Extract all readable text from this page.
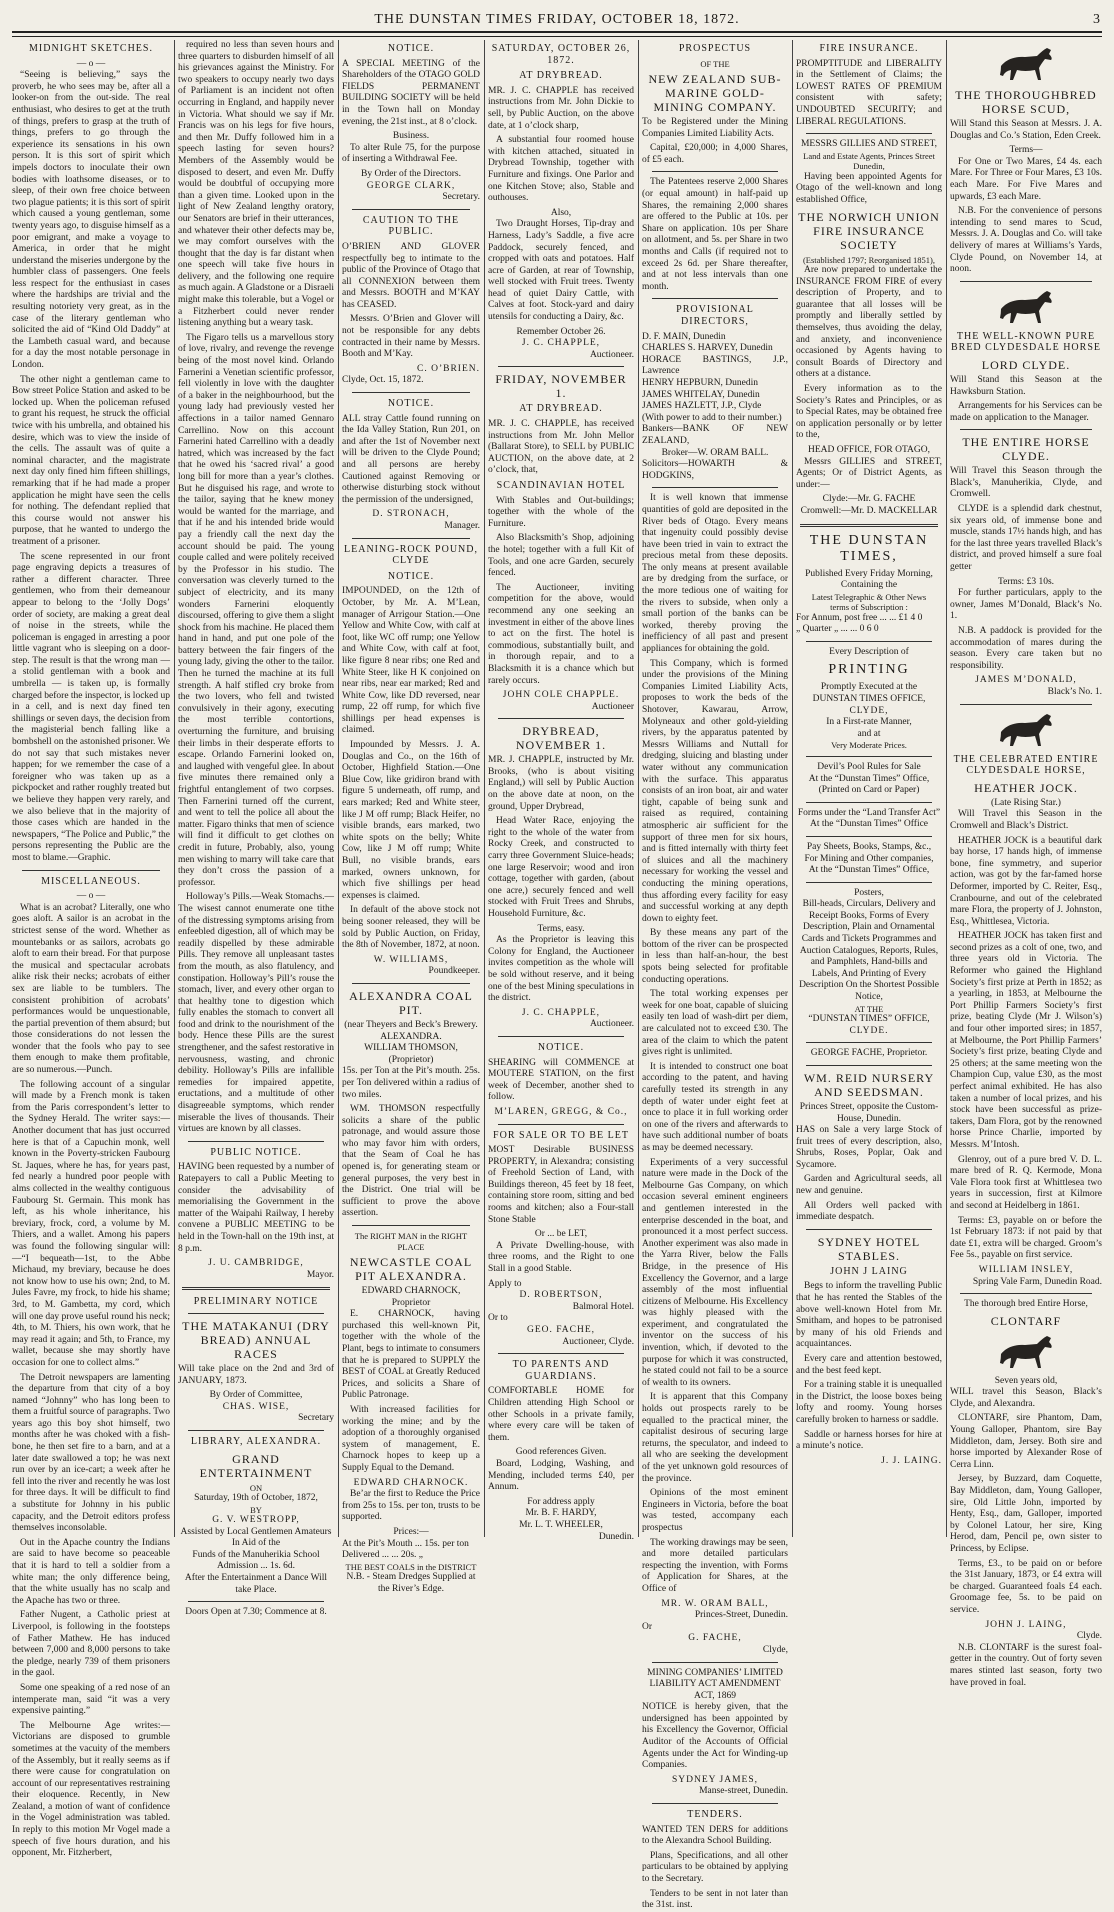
THE DUNSTAN TIMES FRIDAY, OCTOBER 18, 1872.	3
MIDNIGHT SKETCHES.
— o —

“Seeing is believing,” says the proverb, he who sees may be, after all a looker-on from the out-side. The real enthusiast, who desires to get at the truth of things, prefers to grasp at the truth of things, prefers to go through the experience its sensations in his own person. It is this sort of spirit which impels doctors to inoculate their own bodies with loathsome diseases, or to sleep, of their own free choice between two plague patients; it is this sort of spirit which caused a young gentleman, some twenty years ago, to disguise himself as a poor emigrant, and make a voyage to America, in order that he might understand the miseries undergone by the humbler class of passengers. One feels less respect for the enthusiast in cases where the hardships are trivial and the resulting notoriety very great, as in the case of the literary gentleman who solicited the aid of “Kind Old Daddy” at the Lambeth casual ward, and because for a day the most notable personage in London.

The other night a gentleman came to Bow street Police Station and asked to be locked up. When the policeman refused to grant his request, he struck the official twice with his umbrella, and obtained his desire, which was to view the inside of the cells. The assault was of quite a nominal character, and the magistrate next day only fined him fifteen shillings, remarking that if he had made a proper application he might have seen the cells for nothing. The defendant replied that this course would not answer his purpose, that he wanted to undergo the treatment of a prisoner.

The scene represented in our front page engraving depicts a treasures of rather a different character. Three gentlemen, who from their demeanour appear to belong to the ‘Jolly Dogs’ order of society, are making a great deal of noise in the streets, while the policeman is engaged in arresting a poor little vagrant who is sleeping on a door-step. The result is that the wrong man — a stolid gentleman with a book and umbrella — is taken up, is formally charged before the inspector, is locked up in a cell, and is next day fined ten shillings or seven days, the decision from the magisterial bench falling like a bombshell on the astonished prisoner. We do not say that such mistakes never happen; for we remember the case of a foreigner who was taken up as a pickpocket and rather roughly treated but we believe they happen very rarely, and we also believe that in the majority of those cases which are handed in the newspapers, “The Police and Public,” the persons representing the Public are the most to blame.—Graphic.

MISCELLANEOUS.
— o —

What is an acrobat? Literally, one who goes aloft. A sailor is an acrobat in the strictest sense of the word. Whether as mountebanks or as sailors, acrobats go aloft to earn their bread. For that purpose the musical and spectacular acrobats alike risk their necks; acrobats of either sex are liable to be tumblers. The consistent prohibition of acrobats’ performances would be unquestionable, the partial prevention of them absurd; but those considerations do not lessen the wonder that the fools who pay to see them enough to make them profitable, are so numerous.—Punch.

The following account of a singular will made by a French monk is taken from the Paris correspondent’s letter to the Sydney Herald. The writer says:—Another document that has just occurred here is that of a Capuchin monk, well known in the Poverty-stricken Faubourg St. Jaques, where he has, for years past, fed nearly a hundred poor people with alms collected in the wealthy contiguous Faubourg St. Germain. This monk has left, as his whole inheritance, his breviary, frock, cord, a volume by M. Thiers, and a wallet. Among his papers was found the following singular will:—“I bequeath—1st, to the Abbe Michaud, my breviary, because he does not know how to use his own; 2nd, to M. Jules Favre, my frock, to hide his shame; 3rd, to M. Gambetta, my cord, which will one day prove useful round his neck; 4th, to M. Thiers, his own work, that he may read it again; and 5th, to France, my wallet, because she may shortly have occasion for one to collect alms.”

The Detroit newspapers are lamenting the departure from that city of a boy named “Johnny” who has long been to them a fruitful source of paragraphs. Two years ago this boy shot himself, two months after he was choked with a fish-bone, he then set fire to a barn, and at a later date swallowed a top; he was next run over by an ice-cart; a week after he fell into the river and recently he was lost for three days. It will be difficult to find a substitute for Johnny in his public capacity, and the Detroit editors profess themselves inconsolable.

Out in the Apache country the Indians are said to have become so peaceable that it is hard to tell a soldier from a white man; the only difference being, that the white usually has no scalp and the Apache has two or three.

Father Nugent, a Catholic priest at Liverpool, is following in the footsteps of Father Mathew. He has induced between 7,000 and 8,000 persons to take the pledge, nearly 739 of them prisoners in the gaol.

Some one speaking of a red nose of an intemperate man, said “it was a very expensive painting.”

The Melbourne Age writes:—Victorians are disposed to grumble sometimes at the vacuity of the members of the Assembly, but it really seems as if there were cause for congratulation on account of our representatives restraining their eloquence. Recently, in New Zealand, a motion of want of confidence in the Vogel administration was tabled. In reply to this motion Mr Vogel made a speech of five hours duration, and his opponent, Mr. Fitzherbert,

required no less than seven hours and three quarters to disburden himself of all his grievances against the Ministry. For two speakers to occupy nearly two days of Parliament is an incident not often occurring in England, and happily never in Victoria. What should we say if Mr. Francis was on his legs for five hours, and then Mr. Duffy followed him in a speech lasting for seven hours? Members of the Assembly would be disposed to desert, and even Mr. Duffy would be doubtful of occupying more than a given time. Looked upon in the light of New Zealand lengthy oratory, our Senators are brief in their utterances, and whatever their other defects may be, we may comfort ourselves with the thought that the day is far distant when one speech will take five hours in delivery, and the following one require as much again. A Gladstone or a Disraeli might make this tolerable, but a Vogel or a Fitzherbert could never render listening anything but a weary task.

The Figaro tells us a marvellous story of love, rivalry, and revenge the revenge being of the most novel kind. Orlando Farnerini a Venetian scientific professor, fell violently in love with the daughter of a baker in the neighbourhood, but the young lady had previously vested her affections in a tailor named Gennaro Carrellino. Now on this account Farnerini hated Carrellino with a deadly hatred, which was increased by the fact that he owed his ‘sacred rival’ a good long bill for more than a year’s clothes. But he disguised his rage, and wrote to the tailor, saying that he knew money would be wanted for the marriage, and that if he and his intended bride would pay a friendly call the next day the account should be paid. The young couple called and were politely received by the Professor in his studio. The conversation was cleverly turned to the subject of electricity, and its many wonders Farnerini eloquently discoursed, offering to give them a slight shock from his machine. He placed them hand in hand, and put one pole of the battery between the fair fingers of the young lady, giving the other to the tailor. Then he turned the machine at its full strength. A half stifled cry broke from the two lovers, who fell and twisted convulsively in their agony, executing the most terrible contortions, overturning the furniture, and bruising their limbs in their desperate efforts to escape. Orlando Farnerini looked on, and laughed with vengeful glee. In about five minutes there remained only a frightful entanglement of two corpses. Then Farnerini turned off the current, and went to tell the police all about the matter. Figaro thinks that men of science will find it difficult to get clothes on credit in future, Probably, also, young men wishing to marry will take care that they don’t cross the passion of a professor.

Holloway’s Pills.—Weak Stomachs.—The wisest cannot enumerate one tithe of the distressing symptoms arising from enfeebled digestion, all of which may be readily dispelled by these admirable Pills. They remove all unpleasant tastes from the mouth, as also flatulency, and constipation. Holloway’s Pill’s rouse the stomach, liver, and every other organ to that healthy tone to digestion which fully enables the stomach to convert all food and drink to the nourishment of the body. Hence these Pills are the surest strengthener, and the safest restorative in nervousness, wasting, and chronic debility. Holloway’s Pills are infallible remedies for impaired appetite, eructations, and a multitude of other disagreeable symptoms, which render miserable the lives of thousands. Their virtues are known by all classes.

PUBLIC NOTICE.

HAVING been requested by a number of Ratepayers to call a Public Meeting to consider the advisability of memorialising the Government in the matter of the Waipahi Railway, I hereby convene a PUBLIC MEETING to be held in the Town-hall on the 19th inst, at 8 p.m.

J. U. CAMBRIDGE,
Mayor.
PRELIMINARY NOTICE
THE MATAKANUI (DRY BREAD) ANNUAL RACES

Will take place on the 2nd and 3rd of JANUARY, 1873.

By Order of Committee,
CHAS. WISE,
Secretary
LIBRARY, ALEXANDRA.
GRAND ENTERTAINMENT
ON
Saturday, 19th of October, 1872,
BY
G. V. WESTROPP,
Assisted by Local Gentlemen Amateurs
In Aid of the
Funds of the Manuherikia School
Admission ... 1s. 6d.
After the Entertainment a Dance Will take Place.
Doors Open at 7.30; Commence at 8.
NOTICE.

A SPECIAL MEETING of the Shareholders of the OTAGO GOLD FIELDS PERMANENT BUILDING SOCIETY will be held in the Town hall on Monday evening, the 21st inst., at 8 o’clock.

Business.

To alter Rule 75, for the purpose of inserting a Withdrawal Fee.

By Order of the Directors.
GEORGE CLARK,
Secretary.
CAUTION TO THE PUBLIC.

O’BRIEN AND GLOVER respectfully beg to intimate to the public of the Province of Otago that all CONNEXION between them and Messrs. BOOTH and M’KAY has CEASED.

Messrs. O’Brien and Glover will not be responsible for any debts contracted in their name by Messrs. Booth and M’Kay.

C. O’BRIEN.
Clyde, Oct. 15, 1872.
NOTICE.

ALL stray Cattle found running on the Ida Valley Station, Run 201, on and after the 1st of November next will be driven to the Clyde Pound; and all persons are hereby Cautioned against Removing or otherwise disturbing stock without the permission of the undersigned,

D. STRONACH,
Manager.
LEANING-ROCK POUND, CLYDE
NOTICE.

IMPOUNDED, on the 12th of October, by Mr. A. M’Lean, manager of Arrigour Station.—One Yellow and White Cow, with calf at foot, like WC off rump; one Yellow and White Cow, with calf at foot, like figure 8 near ribs; one Red and White Steer, like H K conjoined on near ribs, near ear marked; Red and White Cow, like DD reversed, near rump, 22 off rump, for which five shillings per head expenses is claimed.

Impounded by Messrs. J. A. Douglas and Co., on the 16th of October, Highfield Station.—One Blue Cow, like gridiron brand with figure 5 underneath, off rump, and ears marked; Red and White steer, like J M off rump; Black Heifer, no visible brands, ears marked, two white spots on the belly; White Cow, like J M off rump; White Bull, no visible brands, ears marked, owners unknown, for which five shillings per head expenses is claimed.

In default of the above stock not being sooner released, they will be sold by Public Auction, on Friday, the 8th of November, 1872, at noon.

W. WILLIAMS,
Poundkeeper.
ALEXANDRA COAL PIT.
(near Theyers and Beck’s Brewery. ALEXANDRA.
WILLIAM THOMSON, (Proprietor)

15s. per Ton at the Pit’s mouth. 25s. per Ton delivered within a radius of two miles.

WM. THOMSON respectfully solicits a share of the public patronage, and would assure those who may favor him with orders, that the Seam of Coal he has opened is, for generating steam or general purposes, the very best in the District. One trial will be sufficient to prove the above assertion.

The RIGHT MAN in the RIGHT PLACE
NEWCASTLE COAL PIT ALEXANDRA.
EDWARD CHARNOCK, Proprietor

E. CHARNOCK, having purchased this well-known Pit, together with the whole of the Plant, begs to intimate to consumers that he is prepared to SUPPLY the BEST of COAL at Greatly Reduced Prices, and solicits a Share of Public Patronage.

With increased facilities for working the mine; and by the adoption of a thoroughly organised system of management, E. Charnock hopes to keep up a Supply Equal to the Demand.

EDWARD CHARNOCK.

Be’ar the first to Reduce the Price from 25s to 15s. per ton, trusts to be supported.

Prices:—
At the Pit’s Mouth ... 15s. per ton
Delivered ... ... 20s. „
THE BEST COALS in the DISTRICT
N.B. - Steam Dredges Supplied at the River’s Edge.
SATURDAY, OCTOBER 26, 1872.
AT DRYBREAD.

MR. J. C. CHAPPLE has received instructions from Mr. John Dickie to sell, by Public Auction, on the above date, at 1 o’clock sharp,

A substantial four roomed house with kitchen attached, situated in Drybread Township, together with Furniture and fixings. One Parlor and one Kitchen Stove; also, Stable and outhouses.

Also,

Two Draught Horses, Tip-dray and Harness, Lady’s Saddle, a five acre Paddock, securely fenced, and cropped with oats and potatoes. Half acre of Garden, at rear of Township, well stocked with Fruit trees. Twenty head of quiet Dairy Cattle, with Calves at foot. Stock-yard and dairy utensils for conducting a Dairy, &c.

Remember October 26.
J. C. CHAPPLE,
Auctioneer.
FRIDAY, NOVEMBER 1.
AT DRYBREAD.

MR. J. C. CHAPPLE, has received instructions from Mr. John Mellor (Ballarat Store), to SELL by PUBLIC AUCTION, on the above date, at 2 o’clock, that,

SCANDINAVIAN HOTEL

With Stables and Out-buildings; together with the whole of the Furniture.

Also Blacksmith’s Shop, adjoining the hotel; together with a full Kit of Tools, and one acre Garden, securely fenced.

The Auctioneer, inviting competition for the above, would recommend any one seeking an investment in either of the above lines to act on the first. The hotel is commodious, substantially built, and in thorough repair, and to a Blacksmith it is a chance which but rarely occurs.

JOHN COLE CHAPPLE.
Auctioneer
DRYBREAD, NOVEMBER 1.

MR. J. CHAPPLE, instructed by Mr. Brooks, (who is about visiting England,) will sell by Public Auction on the above date at noon, on the ground, Upper Drybread,

Head Water Race, enjoying the right to the whole of the water from Rocky Creek, and constructed to carry three Government Sluice-heads; one large Reservoir; wood and iron cottage, together with garden, (about one acre,) securely fenced and well stocked with Fruit Trees and Shrubs, Household Furniture, &c.

Terms, easy.

As the Proprietor is leaving this Colony for England, the Auctioneer invites competition as the whole will be sold without reserve, and it being one of the best Mining speculations in the district.

J. C. CHAPPLE,
Auctioneer.
NOTICE.

SHEARING will COMMENCE at MOUTERE STATION, on the first week of December, another shed to follow.

M’LAREN, GREGG, & Co.,
FOR SALE OR TO BE LET

MOST Desirable BUSINESS PROPERTY, in Alexandra; consisting of Freehold Section of Land, with Buildings thereon, 45 feet by 18 feet, containing store room, sitting and bed rooms and kitchen; also a Four-stall Stone Stable

Or ... be LET,

A Private Dwelling-house, with three rooms, and the Right to one Stall in a good Stable.

Apply to
D. ROBERTSON,
Balmoral Hotel.
Or to
GEO. FACHE,
Auctioneer, Clyde.
TO PARENTS AND GUARDIANS.

COMFORTABLE HOME for Children attending High School or other Schools in a private family, where every care will be taken of them.

Good references Given.

Board, Lodging, Washing, and Mending, included terms £40, per Annum.

For address apply
Mr. B. F. HARDY,
Mr. L. T. WHEELER,
Dunedin.
PROSPECTUS
OF THE
NEW ZEALAND SUB-MARINE GOLD-MINING COMPANY.

To be Registered under the Mining Companies Limited Liability Acts.

Capital, £20,000; in 4,000 Shares, of £5 each.

The Patentees reserve 2,000 Shares (or equal amount) in half-paid up Shares, the remaining 2,000 shares are offered to the Public at 10s. per Share on application. 10s per Share on allotment, and 5s. per Share in two months and Calls (if required not to exceed 2s 6d. per Share thereafter, and at not less intervals than one month.

PROVISIONAL DIRECTORS,
D. F. MAIN, Dunedin
CHARLES S. HARVEY, Dunedin
HORACE BASTINGS, J.P., Lawrence
HENRY HEPBURN, Dunedin
JAMES WHITELAY, Dunedin
JAMES HAZLETT, J.P., Clyde
(With power to add to their number.)
Bankers—BANK OF NEW ZEALAND,
Broker—W. ORAM BALL.
Solicitors—HOWARTH & HODGKINS,

It is well known that immense quantities of gold are deposited in the River beds of Otago. Every means that ingenuity could possibly devise have been tried in vain to extract the precious metal from these deposits. The only means at present available are by dredging from the surface, or the more tedious one of waiting for the rivers to subside, when only a small portion of the banks can be worked, thereby proving the inefficiency of all past and present appliances for obtaining the gold.

This Company, which is formed under the provisions of the Mining Companies Limited Liability Acts, proposes to work the beds of the Shotover, Kawarau, Arrow, Molyneaux and other gold-yielding rivers, by the apparatus patented by Messrs Williams and Nuttall for dredging, sluicing and blasting under water without any communication with the surface. This apparatus consists of an iron boat, air and water tight, capable of being sunk and raised as required, containing atmospheric air sufficient for the support of three men for six hours, and is fitted internally with thirty feet of sluices and all the machinery necessary for working the vessel and conducting the mining operations, thus affording every facility for easy and successful working at any depth down to eighty feet.

By these means any part of the bottom of the river can be prospected in less than half-an-hour, the best spots being selected for profitable conducting operations.

The total working expenses per week for one boat, capable of sluicing easily ten load of wash-dirt per diem, are calculated not to exceed £30. The area of the claim to which the patent gives right is unlimited.

It is intended to construct one boat according to the patent, and having carefully tested its strength in any depth of water under eight feet at once to place it in full working order on one of the rivers and afterwards to have such additional number of boats as may be deemed necessary.

Experiments of a very successful nature were made in the Dock of the Melbourne Gas Company, on which occasion several eminent engineers and gentlemen interested in the enterprise descended in the boat, and pronounced it a most perfect success. Another experiment was also made in the Yarra River, below the Falls Bridge, in the presence of His Excellency the Governor, and a large assembly of the most influential citizens of Melbourne. His Excellency was highly pleased with the experiment, and congratulated the inventor on the success of his invention, which, if devoted to the purpose for which it was constructed, he stated could not fail to be a source of wealth to its owners.

It is apparent that this Company holds out prospects rarely to be equalled to the practical miner, the capitalist desirous of securing large returns, the speculator, and indeed to all who are seeking the development of the yet unknown gold resources of the province.

Opinions of the most eminent Engineers in Victoria, before the boat was tested, accompany each prospectus

The working drawings may be seen, and more detailed particulars respecting the invention, with Forms of Application for Shares, at the Office of

MR. W. ORAM BALL,
Princes-Street, Dunedin.
Or
G. FACHE,
Clyde,
MINING COMPANIES’ LIMITED LIABILITY ACT AMENDMENT ACT, 1869

NOTICE is hereby given, that the undersigned has been appointed by his Excellency the Governor, Official Auditor of the Accounts of Official Agents under the Act for Winding-up Companies.

SYDNEY JAMES,
Manse-street, Dunedin.
TENDERS.

WANTED TEN DERS for additions to the Alexandra School Building.

Plans, Specifications, and all other particulars to be obtained by applying to the Secretary.

Tenders to be sent in not later than the 31st. inst.

FIRE INSURANCE.

PROMPTITUDE and LIBERALITY in the Settlement of Claims; the LOWEST RATES OF PREMIUM consistent with safety; UNDOUBTED SECURITY; and LIBERAL REGULATIONS.

MESSRS GILLIES AND STREET,
Land and Estate Agents, Princes Street Dunedin,

Having been appointed Agents for Otago of the well-known and long established Office,

THE NORWICH UNION FIRE INSURANCE SOCIETY
(Established 1797; Reorganised 1851),

Are now prepared to undertake the INSURANCE FROM FIRE of every description of Property, and to guarantee that all losses will be promptly and liberally settled by themselves, thus avoiding the delay, and anxiety, and inconvenience occasioned by Agents having to consult Boards of Directory and others at a distance.

Every information as to the Society’s Rates and Principles, or as to Special Rates, may be obtained free on application personally or by letter to the,

HEAD OFFICE, FOR OTAGO,

Messrs GILLIES and STREET, Agents; Or of District Agents, as under:—

Clyde:—Mr. G. FACHE
Cromwell:—Mr. D. MACKELLAR
THE DUNSTAN TIMES,
Published Every Friday Morning,
Containing the
Latest Telegraphic & Other News
terms of Subscription :
For Annum, post free ... ... £1 4 0
„ Quarter „ ... ... 0 6 0
Every Description of
PRINTING
Promptly Executed at the
DUNSTAN TIMES OFFICE,
CLYDE,
In a First-rate Manner,
and at
Very Moderate Prices.
Devil’s Pool Rules for Sale
At the “Dunstan Times” Office,
(Printed on Card or Paper)
Forms under the “Land Transfer Act”
At the “Dunstan Times” Office
Pay Sheets, Books, Stamps, &c.,
For Mining and Other companies,
At the “Dunstan Times” Office,
Posters,
Bill-heads, Circulars, Delivery and Receipt Books, Forms of Every Description, Plain and Ornamental Cards and Tickets Programmes and Auction Catalogues, Reports, Rules, and Pamphlets, Hand-bills and Labels, And Printing of Every Description On the Shortest Possible Notice,
AT THE
“DUNSTAN TIMES” OFFICE,
CLYDE.
GEORGE FACHE, Proprietor.
WM. REID NURSERY AND SEEDSMAN.
Princes Street, opposite the Custom-House, Dunedin.

HAS on Sale a very large Stock of fruit trees of every description, also, Shrubs, Roses, Poplar, Oak and Sycamore.

Garden and Agricultural seeds, all new and genuine.

All Orders well packed with immediate despatch.

SYDNEY HOTEL STABLES.
JOHN J LAING

Begs to inform the travelling Public that he has rented the Stables of the above well-known Hotel from Mr. Smitham, and hopes to be patronised by many of his old Friends and acquaintances.

Every care and attention bestowed, and the best feed kept.

For a training stable it is unequalled in the District, the loose boxes being lofty and roomy. Young horses carefully broken to harness or saddle.

Saddle or harness horses for hire at a minute’s notice.

J. J. LAING.
THE THOROUGHBRED HORSE SCUD,

Will Stand this Season at Messrs. J. A. Douglas and Co.’s Station, Eden Creek.

Terms—

For One or Two Mares, £4 4s. each Mare. For Three or Four Mares, £3 10s. each Mare. For Five Mares and upwards, £3 each Mare.

N.B. For the convenience of persons intending to send mares to Scud, Messrs. J. A. Douglas and Co. will take delivery of mares at Williams’s Yards, Clyde Pound, on November 14, at noon.

THE WELL-KNOWN PURE BRED CLYDESDALE HORSE
LORD CLYDE.

Will Stand this Season at the Hawksburn Station.

Arrangements for his Services can be made on application to the Manager.

THE ENTIRE HORSE CLYDE.

Will Travel this Season through the Black’s, Manuherikia, Clyde, and Cromwell.

CLYDE is a splendid dark chestnut, six years old, of immense bone and muscle, stands 17½ hands high, and has for the last three years travelled Black’s district, and proved himself a sure foal getter

Terms: £3 10s.

For further particulars, apply to the owner, James M’Donald, Black’s No. 1.

N.B. A paddock is provided for the accommodation of mares during the season. Every care taken but no responsibility.

JAMES M’DONALD,
Black’s No. 1.
THE CELEBRATED ENTIRE CLYDESDALE HORSE,
HEATHER JOCK.
(Late Rising Star.)

Will Travel this Season in the Cromwell and Black’s District.

HEATHER JOCK is a beautiful dark bay horse, 17 hands high, of immense bone, fine symmetry, and superior action, was got by the far-famed horse Deformer, imported by C. Reiter, Esq., Cranbourne, and out of the celebrated mare Flora, the property of J. Johnston, Esq., Whittlesea, Victoria.

HEATHER JOCK has taken first and second prizes as a colt of one, two, and three years old in Victoria. The Reformer who gained the Highland Society’s first prize at Perth in 1852; as a yearling, in 1853, at Melbourne the Port Phillip Farmers Society’s first prize, beating Clyde (Mr J. Wilson’s) and four other imported sires; in 1857, at Melbourne, the Port Phillip Farmers’ Society’s first prize, beating Clyde and 25 others; at the same meeting won the Champion Cup, value £30, as the most perfect animal exhibited. He has also taken a number of local prizes, and his stock have been successful as prize-takers, Dam Flora, got by the renowned horse Prince Charlie, imported by Messrs. M’Intosh.

Glenroy, out of a pure bred V. D. L. mare bred of R. Q. Kermode, Mona Vale Flora took first at Whittlesea two years in succession, first at Kilmore and second at Heidelberg in 1861.

Terms: £3, payable on or before the 1st February 1873: if not paid by that date £1, extra will be charged. Groom’s Fee 5s., payable on first service.

WILLIAM INSLEY,
Spring Vale Farm, Dunedin Road.
The thorough bred Entire Horse,
CLONTARF
Seven years old,

WILL travel this Season, Black’s Clyde, and Alexandra.

CLONTARF, sire Phantom, Dam, Young Galloper, Phantom, sire Bay Middleton, dam, Jersey. Both sire and horse imported by Alexander Rose of Cerra Linn.

Jersey, by Buzzard, dam Coquette, Bay Middleton, dam, Young Galloper, sire, Old Little John, imported by Henty, Esq., dam, Galloper, imported by Colonel Latour, her sire, King Herod, dam, Pencil pe, own sister to Princess, by Eclipse.

Terms, £3., to be paid on or before the 31st January, 1873, or £4 extra will be charged. Guaranteed foals £4 each. Groomage fee, 5s. to be paid on service.

JOHN J. LAING,
Clyde.

N.B. CLONTARF is the surest foal-getter in the country. Out of forty seven mares stinted last season, forty two have proved in foal.
